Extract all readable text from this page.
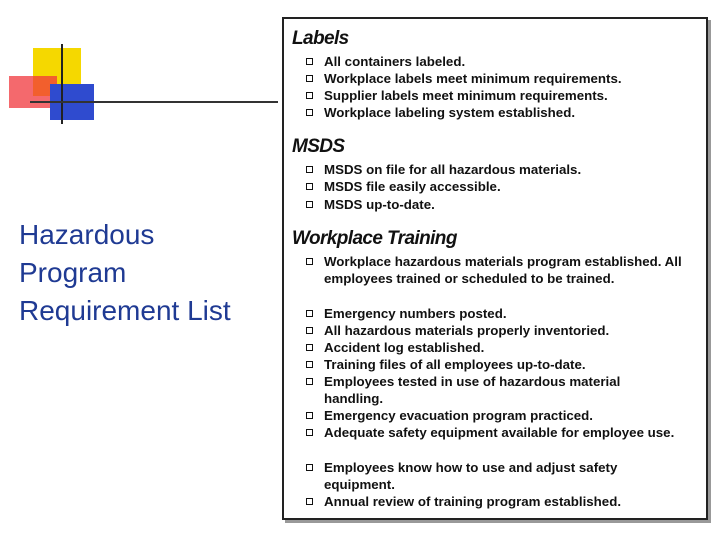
Hazardous
Program
Requirement List
Labels
All containers labeled.
Workplace labels meet minimum requirements.
Supplier labels meet minimum requirements.
Workplace labeling system established.
MSDS
MSDS on file for all hazardous materials.
MSDS file easily accessible.
MSDS up-to-date.
Workplace Training
Workplace hazardous materials program established. All employees trained or scheduled to be trained.
Emergency numbers posted.
All hazardous materials properly inventoried.
Accident log established.
Training files of all employees up-to-date.
Employees tested in use of hazardous material handling.
Emergency evacuation program practiced.
Adequate safety equipment available for employee use.
Employees know how to use and adjust safety equipment.
Annual review of training program established.
